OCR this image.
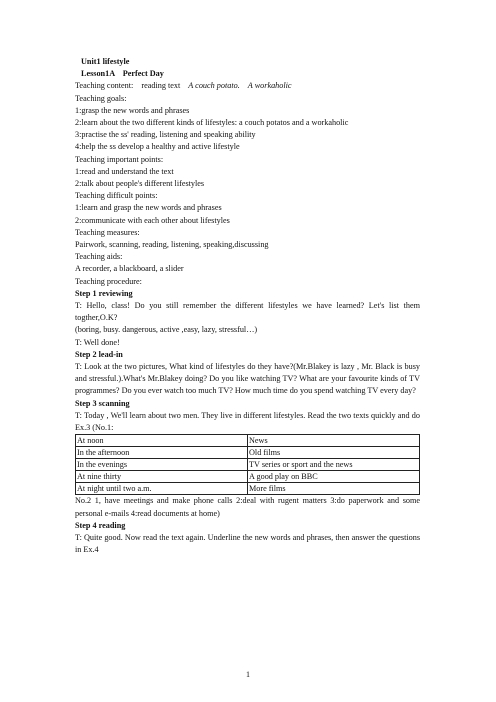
Unit1 lifestyle
Lesson1A Perfect Day
Teaching content: reading text A couch potato. A workaholic
Teaching goals:
1:grasp the new words and phrases
2:learn about the two different kinds of lifestyles: a couch potatos and a workaholic
3:practise the ss' reading, listening and speaking ability
4:help the ss develop a healthy and active lifestyle
Teaching important points:
1:read and understand the text
2:talk about people's different lifestyles
Teaching difficult points:
1:learn and grasp the new words and phrases
2:communicate with each other about lifestyles
Teaching measures:
Pairwork, scanning, reading, listening, speaking,discussing
Teaching aids:
A recorder, a blackboard, a slider
Teaching procedure:
Step 1 reviewing
T: Hello, class! Do you still remember the different lifestyles we have learned? Let's list them togther,O.K?
(boring, busy. dangerous, active ,easy, lazy, stressful…)
T: Well done!
Step 2 lead-in
T: Look at the two pictures, What kind of lifestyles do they have?(Mr.Blakey is lazy , Mr. Black is busy and stressful.).What's Mr.Blakey doing? Do you like watching TV? What are your favourite kinds of TV programmes? Do you ever watch too much TV? How much time do you spend watching TV every day?
Step 3 scanning
T: Today , We'll learn about two men. They live in different lifestyles. Read the two texts quickly and do Ex.3 (No.1:
At noon	News
In the afternoon	Old films
In the evenings	TV series or sport and the news
At nine thirty	A good play on BBC
At night until two a.m.	More films
No.2 1, have meetings and make phone calls 2:deal with rugent matters 3:do paperwork and some personal e-mails 4:read documents at home)
Step 4 reading
T: Quite good. Now read the text again. Underline the new words and phrases, then answer the questions in Ex.4
1
